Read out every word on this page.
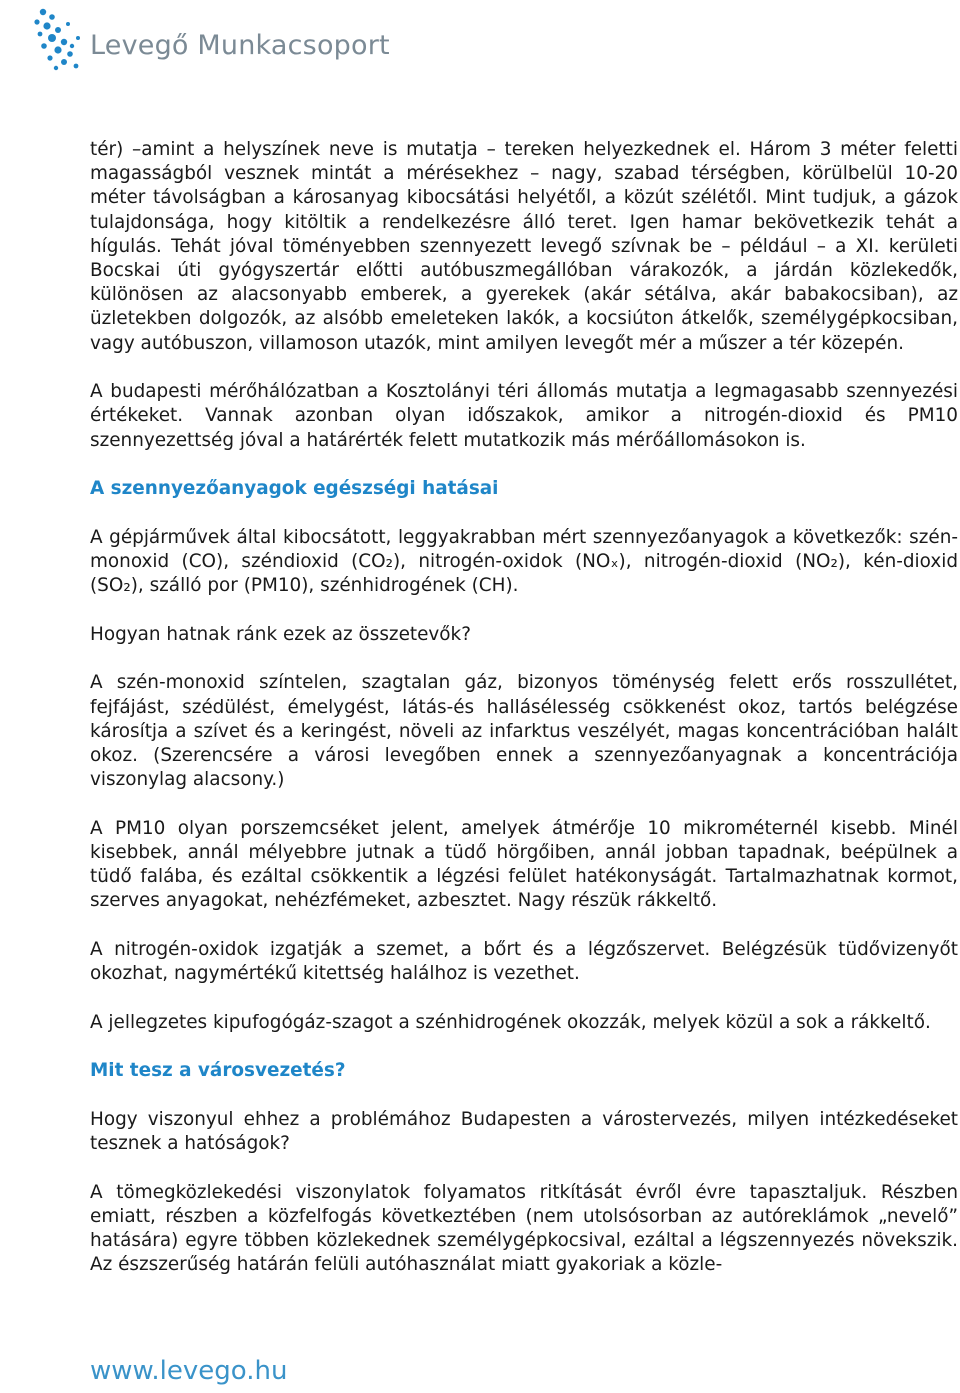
Levegő Munkacsoport

tér) –amint a helyszínek neve is mutatja – tereken helyezkednek el. Három 3 méter feletti magasságból vesznek mintát a mérésekhez – nagy, szabad térségben, körülbelül 10-20 méter távolságban a károsanyag kibocsátási helyétől, a közút szélétől. Mint tudjuk, a gázok tulajdonsága, hogy kitöltik a rendelkezésre álló teret. Igen hamar bekövetkezik tehát a hígulás. Tehát jóval töményebben szennyezett levegő szívnak be – például – a XI. kerületi Bocskai úti gyógyszertár előtti autóbuszmegállóban várakozók, a járdán közlekedők, különösen az alacsonyabb emberek, a gyerekek (akár sétálva, akár babakocsiban), az üzletekben dolgozók, az alsóbb emeleteken lakók, a kocsiúton átkelők, személygépkocsiban, vagy autóbuszon, villamoson utazók, mint amilyen levegőt mér a műszer a tér közepén.

A budapesti mérőhálózatban a Kosztolányi téri állomás mutatja a legmagasabb szennyezési értékeket. Vannak azonban olyan időszakok, amikor a nitrogén-dioxid és PM10 szennyezettség jóval a határérték felett mutatkozik más mérőállomásokon is.

A szennyezőanyagok egészségi hatásai

A gépjárművek által kibocsátott, leggyakrabban mért szennyezőanyagok a következők: szén-monoxid (CO), széndioxid (CO₂), nitrogén-oxidok (NOₓ), nitrogén-dioxid (NO₂), kén-dioxid (SO₂), szálló por (PM10), szénhidrogének (CH).

Hogyan hatnak ránk ezek az összetevők?

A szén-monoxid színtelen, szagtalan gáz, bizonyos töménység felett erős rosszullétet, fejfájást, szédülést, émelygést, látás-és hallásélesség csökkenést okoz, tartós belégzése károsítja a szívet és a keringést, növeli az infarktus veszélyét, magas koncentrációban halált okoz. (Szerencsére a városi levegőben ennek a szennyezőanyagnak a koncentrációja viszonylag alacsony.)

A PM10 olyan porszemcséket jelent, amelyek átmérője 10 mikrométernél kisebb. Minél kisebbek, annál mélyebbre jutnak a tüdő hörgőiben, annál jobban tapadnak, beépülnek a tüdő falába, és ezáltal csökkentik a légzési felület hatékonyságát. Tartalmazhatnak kormot, szerves anyagokat, nehézfémeket, azbesztet. Nagy részük rákkeltő.

A nitrogén-oxidok izgatják a szemet, a bőrt és a légzőszervet. Belégzésük tüdővizenyőt okozhat, nagymértékű kitettség halálhoz is vezethet.

A jellegzetes kipufogógáz-szagot a szénhidrogének okozzák, melyek közül a sok a rákkeltő.

Mit tesz a városvezetés?

Hogy viszonyul ehhez a problémához Budapesten a várostervezés, milyen intézkedéseket tesznek a hatóságok?

A tömegközlekedési viszonylatok folyamatos ritkítását évről évre tapasztaljuk. Részben emiatt, részben a közfelfogás következtében (nem utolsósorban az autóreklámok „nevelő” hatására) egyre többen közlekednek személygépkocsival, ezáltal a légszennyezés növekszik. Az észszerűség határán felüli autóhasználat miatt gyakoriak a közle-

www.levego.hu
